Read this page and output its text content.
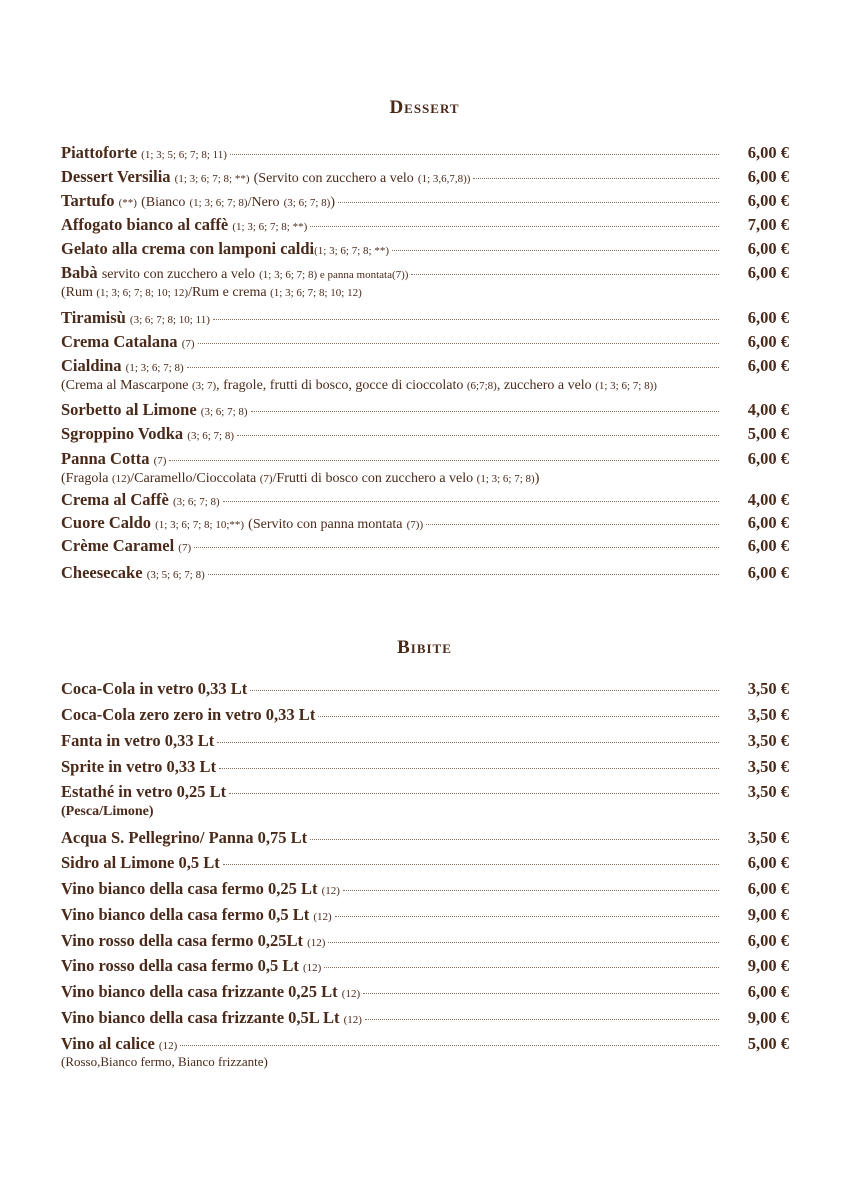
Dessert
Piattoforte (1; 3; 5; 6; 7; 8; 11)	6,00 €
Dessert Versilia (1; 3; 6; 7; 8; **) (Servito con zucchero a velo (1; 3,6,7,8))	6,00 €
Tartufo (**) (Bianco (1; 3; 6; 7; 8)/Nero (3; 6; 7; 8))	6,00 €
Affogato bianco al caffè (1; 3; 6; 7; 8; **)	7,00 €
Gelato alla crema con lamponi caldi(1; 3; 6; 7; 8; **)	6,00 €
Babà servito con zucchero a velo (1; 3; 6; 7; 8) e panna montata(7))	6,00 €
(Rum (1; 3; 6; 7; 8; 10; 12)/Rum e crema (1; 3; 6; 7; 8; 10; 12)
Tiramisù (3; 6; 7; 8; 10; 11)	6,00 €
Crema Catalana (7)	6,00 €
Cialdina (1; 3; 6; 7; 8)	6,00 €
(Crema al Mascarpone (3; 7), fragole, frutti di bosco, gocce di cioccolato (6;7;8), zucchero a velo (1; 3; 6; 7; 8))
Sorbetto al Limone (3; 6; 7; 8)	4,00 €
Sgroppino Vodka (3; 6; 7; 8)	5,00 €
Panna Cotta (7)	6,00 €
(Fragola (12)/Caramello/Cioccolata (7)/Frutti di bosco con zucchero a velo (1; 3; 6; 7; 8))
Crema al Caffè (3; 6; 7; 8)	4,00 €
Cuore Caldo (1; 3; 6; 7; 8; 10;**) (Servito con panna montata (7))	6,00 €
Crème Caramel (7)	6,00 €
Cheesecake (3; 5; 6; 7; 8)	6,00 €
Bibite
Coca-Cola in vetro 0,33 Lt	3,50 €
Coca-Cola zero zero in vetro 0,33 Lt	3,50 €
Fanta in vetro 0,33 Lt	3,50 €
Sprite in vetro 0,33 Lt	3,50 €
Estathé in vetro 0,25 Lt	3,50 €
(Pesca/Limone)
Acqua S. Pellegrino/ Panna 0,75 Lt	3,50 €
Sidro al Limone 0,5 Lt	6,00 €
Vino bianco della casa fermo 0,25 Lt (12)	6,00 €
Vino bianco della casa fermo 0,5 Lt (12)	9,00 €
Vino rosso della casa fermo 0,25Lt (12)	6,00 €
Vino rosso della casa fermo 0,5 Lt (12)	9,00 €
Vino bianco della casa frizzante 0,25 Lt (12)	6,00 €
Vino bianco della casa frizzante 0,5L Lt (12)	9,00 €
Vino al calice (12)	5,00 €
(Rosso,Bianco fermo, Bianco frizzante)
